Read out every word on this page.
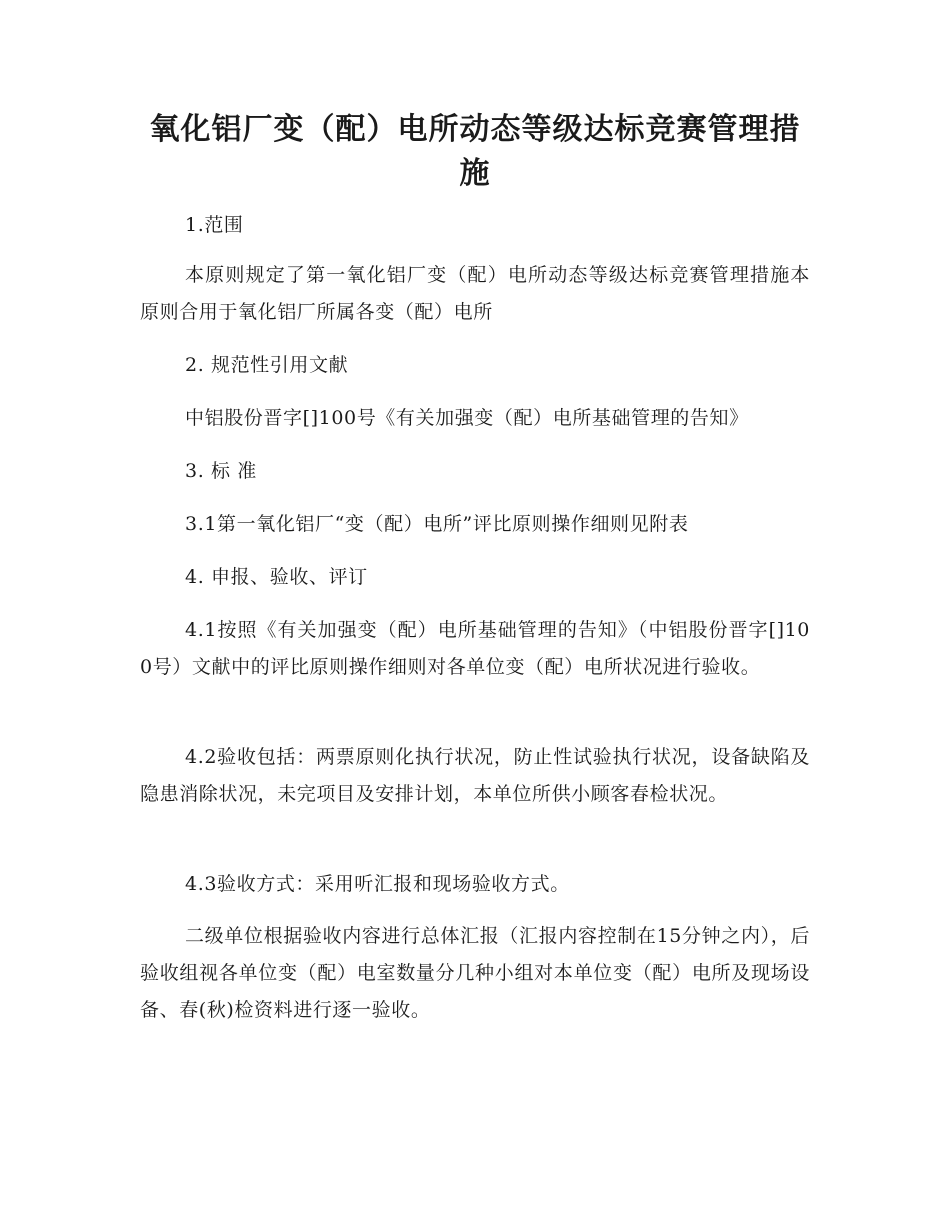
氧化铝厂变（配）电所动态等级达标竞赛管理措施

1.范围

本原则规定了第一氧化铝厂变（配）电所动态等级达标竞赛管理措施本原则合用于氧化铝厂所属各变（配）电所

2. 规范性引用文献

中铝股份晋字[]100号《有关加强变（配）电所基础管理的告知》

3. 标 准

3.1第一氧化铝厂“变（配）电所”评比原则操作细则见附表

4. 申报、验收、评订

4.1按照《有关加强变（配）电所基础管理的告知》（中铝股份晋字[]100号）文献中的评比原则操作细则对各单位变（配）电所状况进行验收。

4.2验收包括：两票原则化执行状况，防止性试验执行状况，设备缺陷及隐患消除状况，未完项目及安排计划，本单位所供小顾客春检状况。

4.3验收方式：采用听汇报和现场验收方式。

二级单位根据验收内容进行总体汇报（汇报内容控制在15分钟之内），后验收组视各单位变（配）电室数量分几种小组对本单位变（配）电所及现场设备、春(秋)检资料进行逐一验收。
